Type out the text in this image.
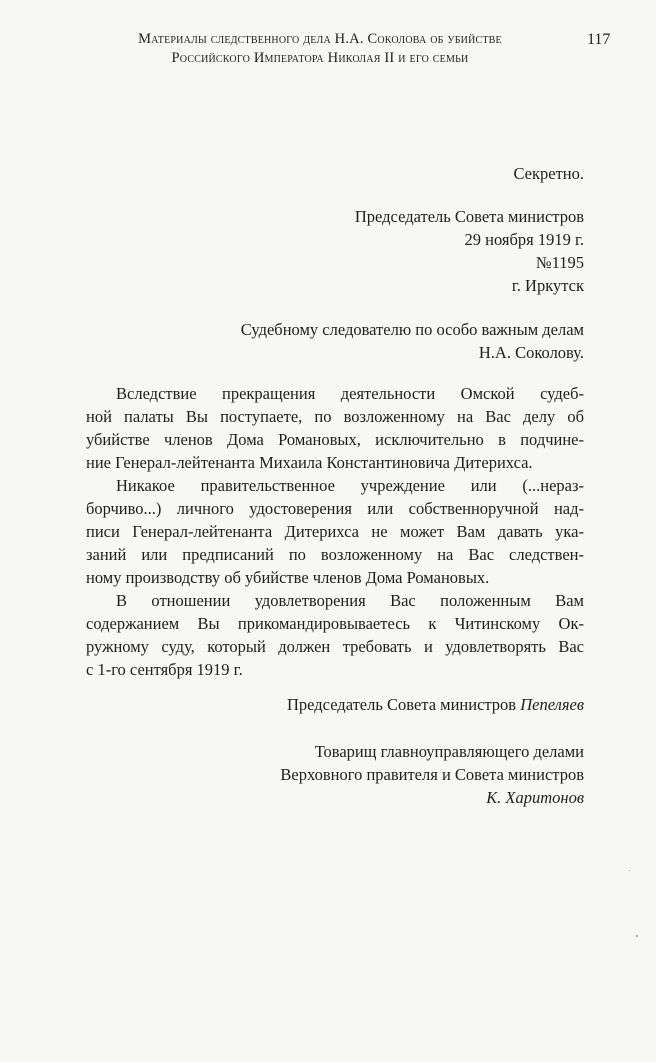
Материалы следственного дела Н.А. Соколова об убийстве
Российского Императора Николая II и его семьи
117
Секретно.
Председатель Совета министров
29 ноября 1919 г.
№1195
г. Иркутск
Судебному следователю по особо важным делам
Н.А. Соколову.
Вследствие прекращения деятельности Омской судеб-
ной палаты Вы поступаете, по возложенному на Вас делу об
убийстве членов Дома Романовых, исключительно в подчине-
ние Генерал-лейтенанта Михаила Константиновича Дитерихса.
Никакое правительственное учреждение или (...нераз-
борчиво...) личного удостоверения или собственноручной над-
писи Генерал-лейтенанта Дитерихса не может Вам давать ука-
заний или предписаний по возложенному на Вас следствен-
ному производству об убийстве членов Дома Романовых.
В отношении удовлетворения Вас положенным Вам
содержанием Вы прикомандировываетесь к Читинскому Ок-
ружному суду, который должен требовать и удовлетворять Вас
с 1-го сентября 1919 г.
Председатель Совета министров Пепеляев
Товарищ главноуправляющего делами
Верховного правителя и Совета министров
К. Харитонов
